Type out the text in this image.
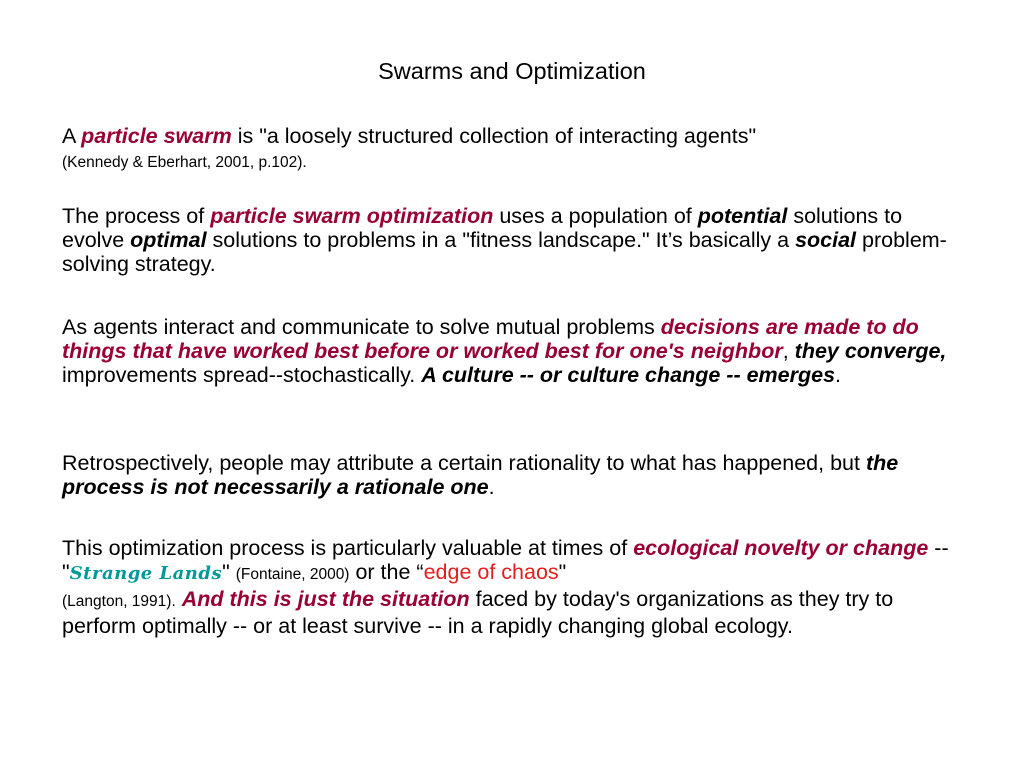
Swarms and Optimization
A particle swarm is "a loosely structured collection of interacting agents"
(Kennedy & Eberhart, 2001, p.102).
The process of particle swarm optimization uses a population of potential solutions to evolve optimal solutions to problems in a "fitness landscape." It’s basically a social problem-solving strategy.
As agents interact and communicate to solve mutual problems decisions are made to do things that have worked best before or worked best for one's neighbor, they converge, improvements spread--stochastically. A culture -- or culture change -- emerges.
Retrospectively, people may attribute a certain rationality to what has happened, but the process is not necessarily a rationale one.
This optimization process is particularly valuable at times of ecological novelty or change -- "Strange Lands" (Fontaine, 2000) or the “edge of chaos"
(Langton, 1991). And this is just the situation faced by today's organizations as they try to perform optimally -- or at least survive -- in a rapidly changing global ecology.
